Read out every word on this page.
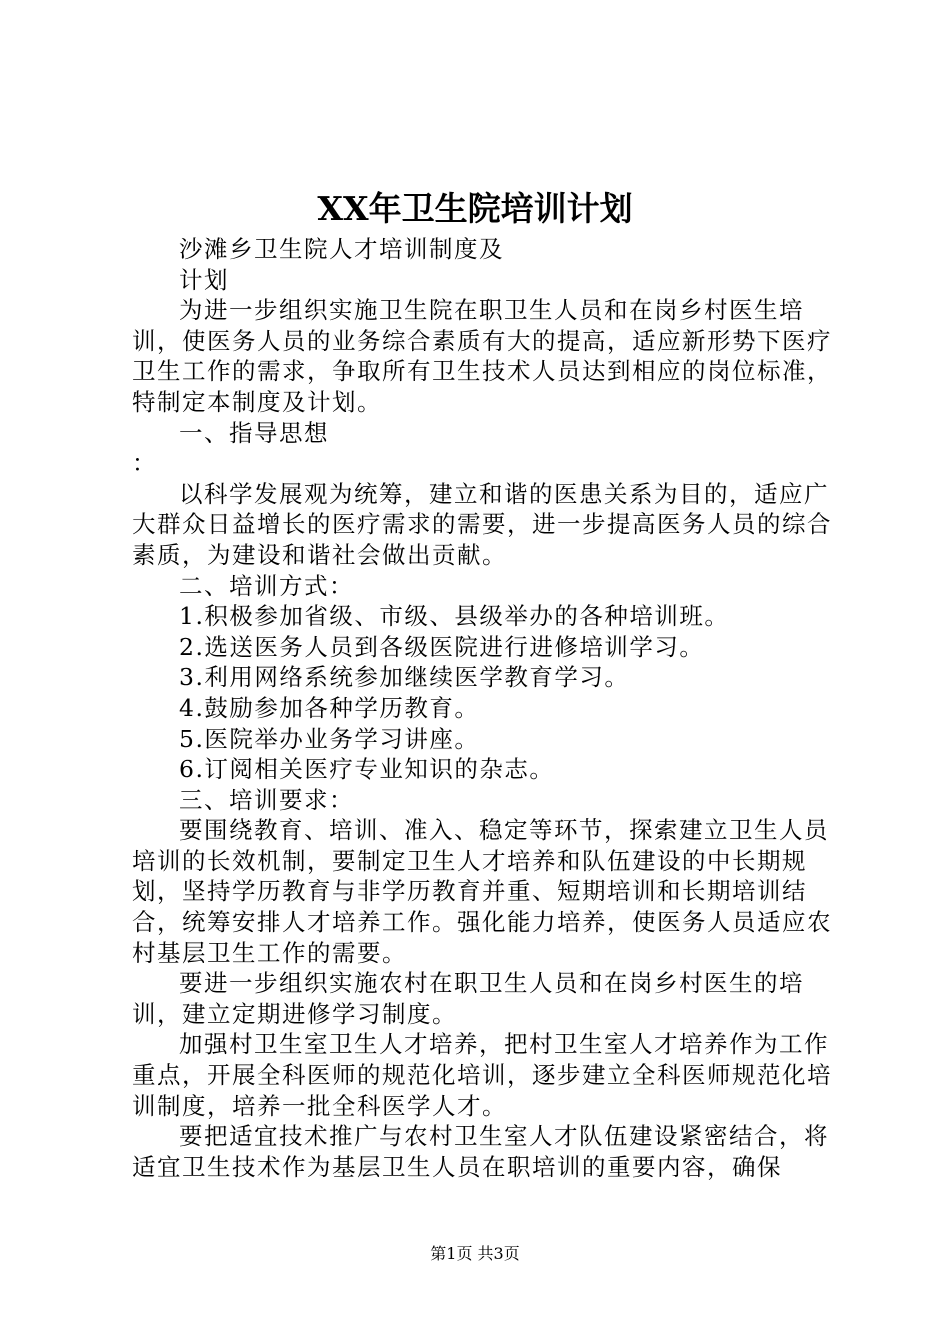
XX年卫生院培训计划

沙滩乡卫生院人才培训制度及

计划

为进一步组织实施卫生院在职卫生人员和在岗乡村医生培训，使医务人员的业务综合素质有大的提高，适应新形势下医疗卫生工作的需求，争取所有卫生技术人员达到相应的岗位标准，特制定本制度及计划。

一、指导思想

：

以科学发展观为统筹，建立和谐的医患关系为目的，适应广大群众日益增长的医疗需求的需要，进一步提高医务人员的综合素质，为建设和谐社会做出贡献。

二、培训方式：

1.积极参加省级、市级、县级举办的各种培训班。

2.选送医务人员到各级医院进行进修培训学习。

3.利用网络系统参加继续医学教育学习。

4.鼓励参加各种学历教育。

5.医院举办业务学习讲座。

6.订阅相关医疗专业知识的杂志。

三、培训要求：

要围绕教育、培训、准入、稳定等环节，探索建立卫生人员培训的长效机制，要制定卫生人才培养和队伍建设的中长期规划，坚持学历教育与非学历教育并重、短期培训和长期培训结合，统筹安排人才培养工作。强化能力培养，使医务人员适应农村基层卫生工作的需要。

要进一步组织实施农村在职卫生人员和在岗乡村医生的培训，建立定期进修学习制度。

加强村卫生室卫生人才培养，把村卫生室人才培养作为工作重点，开展全科医师的规范化培训，逐步建立全科医师规范化培训制度，培养一批全科医学人才。

要把适宜技术推广与农村卫生室人才队伍建设紧密结合，将适宜卫生技术作为基层卫生人员在职培训的重要内容，确保

第1页 共3页
